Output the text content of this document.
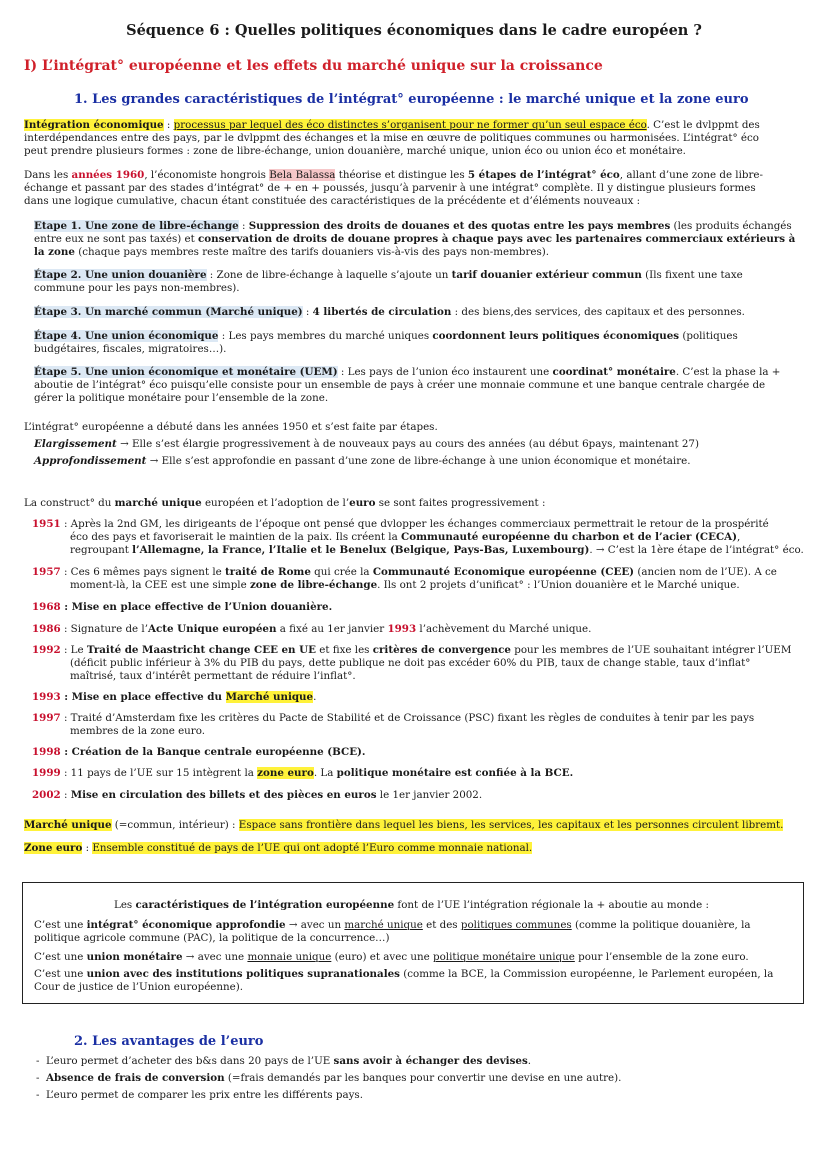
Séquence 6 : Quelles politiques économiques dans le cadre européen ?
I) L’intégrat° européenne et les effets du marché unique sur la croissance
1. Les grandes caractéristiques de l’intégrat° européenne : le marché unique et la zone euro
Intégration économique : processus par lequel des éco distinctes s’organisent pour ne former qu’un seul espace éco. C’est le dvlppmt des
interdépendances entre des pays, par le dvlppmt des échanges et la mise en œuvre de politiques communes ou harmonisées. L’intégrat° éco
peut prendre plusieurs formes : zone de libre-échange, union douanière, marché unique, union éco ou union éco et monétaire.
Dans les années 1960, l’économiste hongrois Bela Balassa théorise et distingue les 5 étapes de l’intégrat° éco, allant d’une zone de libre-
échange et passant par des stades d’intégrat° de + en + poussés, jusqu’à parvenir à une intégrat° complète. Il y distingue plusieurs formes
dans une logique cumulative, chacun étant constituée des caractéristiques de la précédente et d’éléments nouveaux :
Etape 1. Une zone de libre-échange : Suppression des droits de douanes et des quotas entre les pays membres (les produits échangés
entre eux ne sont pas taxés) et conservation de droits de douane propres à chaque pays avec les partenaires commerciaux extérieurs à
la zone (chaque pays membres reste maître des tarifs douaniers vis-à-vis des pays non-membres).
Étape 2. Une union douanière : Zone de libre-échange à laquelle s’ajoute un tarif douanier extérieur commun (Ils fixent une taxe
commune pour les pays non-membres).
Étape 3. Un marché commun (Marché unique) : 4 libertés de circulation : des biens,des services, des capitaux et des personnes.
Étape 4. Une union économique : Les pays membres du marché uniques coordonnent leurs politiques économiques (politiques
budgétaires, fiscales, migratoires…).
Étape 5. Une union économique et monétaire (UEM) : Les pays de l’union éco instaurent une coordinat° monétaire. C’est la phase la +
aboutie de l’intégrat° éco puisqu’elle consiste pour un ensemble de pays à créer une monnaie commune et une banque centrale chargée de
gérer la politique monétaire pour l’ensemble de la zone.
L’intégrat° européenne a débuté dans les années 1950 et s’est faite par étapes.
Elargissement → Elle s’est élargie progressivement à de nouveaux pays au cours des années (au début 6pays, maintenant 27)
Approfondissement → Elle s’est approfondie en passant d’une zone de libre-échange à une union économique et monétaire.
La construct° du marché unique européen et l’adoption de l’euro se sont faites progressivement :
1951 : Après la 2nd GM, les dirigeants de l’époque ont pensé que dvlopper les échanges commerciaux permettrait le retour de la prospérité
éco des pays et favoriserait le maintien de la paix. Ils créent la Communauté européenne du charbon et de l’acier (CECA),
regroupant l’Allemagne, la France, l’Italie et le Benelux (Belgique, Pays-Bas, Luxembourg). → C’est la 1ère étape de l’intégrat° éco.
1957 : Ces 6 mêmes pays signent le traité de Rome qui crée la Communauté Economique européenne (CEE) (ancien nom de l’UE). A ce
moment-là, la CEE est une simple zone de libre-échange. Ils ont 2 projets d’unificat° : l’Union douanière et le Marché unique.
1968 : Mise en place effective de l’Union douanière.
1986 : Signature de l’Acte Unique européen a fixé au 1er janvier 1993 l’achèvement du Marché unique.
1992 : Le Traité de Maastricht change CEE en UE et fixe les critères de convergence pour les membres de l’UE souhaitant intégrer l’UEM
(déficit public inférieur à 3% du PIB du pays, dette publique ne doit pas excéder 60% du PIB, taux de change stable, taux d’inflat°
maîtrisé, taux d’intérêt permettant de réduire l’inflat°.
1993 : Mise en place effective du Marché unique.
1997 : Traité d’Amsterdam fixe les critères du Pacte de Stabilité et de Croissance (PSC) fixant les règles de conduites à tenir par les pays
membres de la zone euro.
1998 : Création de la Banque centrale européenne (BCE).
1999 : 11 pays de l’UE sur 15 intègrent la zone euro. La politique monétaire est confiée à la BCE.
2002 : Mise en circulation des billets et des pièces en euros le 1er janvier 2002.
Marché unique (=commun, intérieur) : Espace sans frontière dans lequel les biens, les services, les capitaux et les personnes circulent libremt.
Zone euro : Ensemble constitué de pays de l’UE qui ont adopté l’Euro comme monnaie national.
Les caractéristiques de l’intégration européenne font de l’UE l’intégration régionale la + aboutie au monde :
C’est une intégrat° économique approfondie → avec un marché unique et des politiques communes (comme la politique douanière, la
politique agricole commune (PAC), la politique de la concurrence…)
C’est une union monétaire → avec une monnaie unique (euro) et avec une politique monétaire unique pour l’ensemble de la zone euro.
C’est une union avec des institutions politiques supranationales (comme la BCE, la Commission européenne, le Parlement européen, la
Cour de justice de l’Union européenne).
2. Les avantages de l’euro
- L’euro permet d’acheter des b&s dans 20 pays de l’UE sans avoir à échanger des devises.
- Absence de frais de conversion (=frais demandés par les banques pour convertir une devise en une autre).
- L’euro permet de comparer les prix entre les différents pays.
